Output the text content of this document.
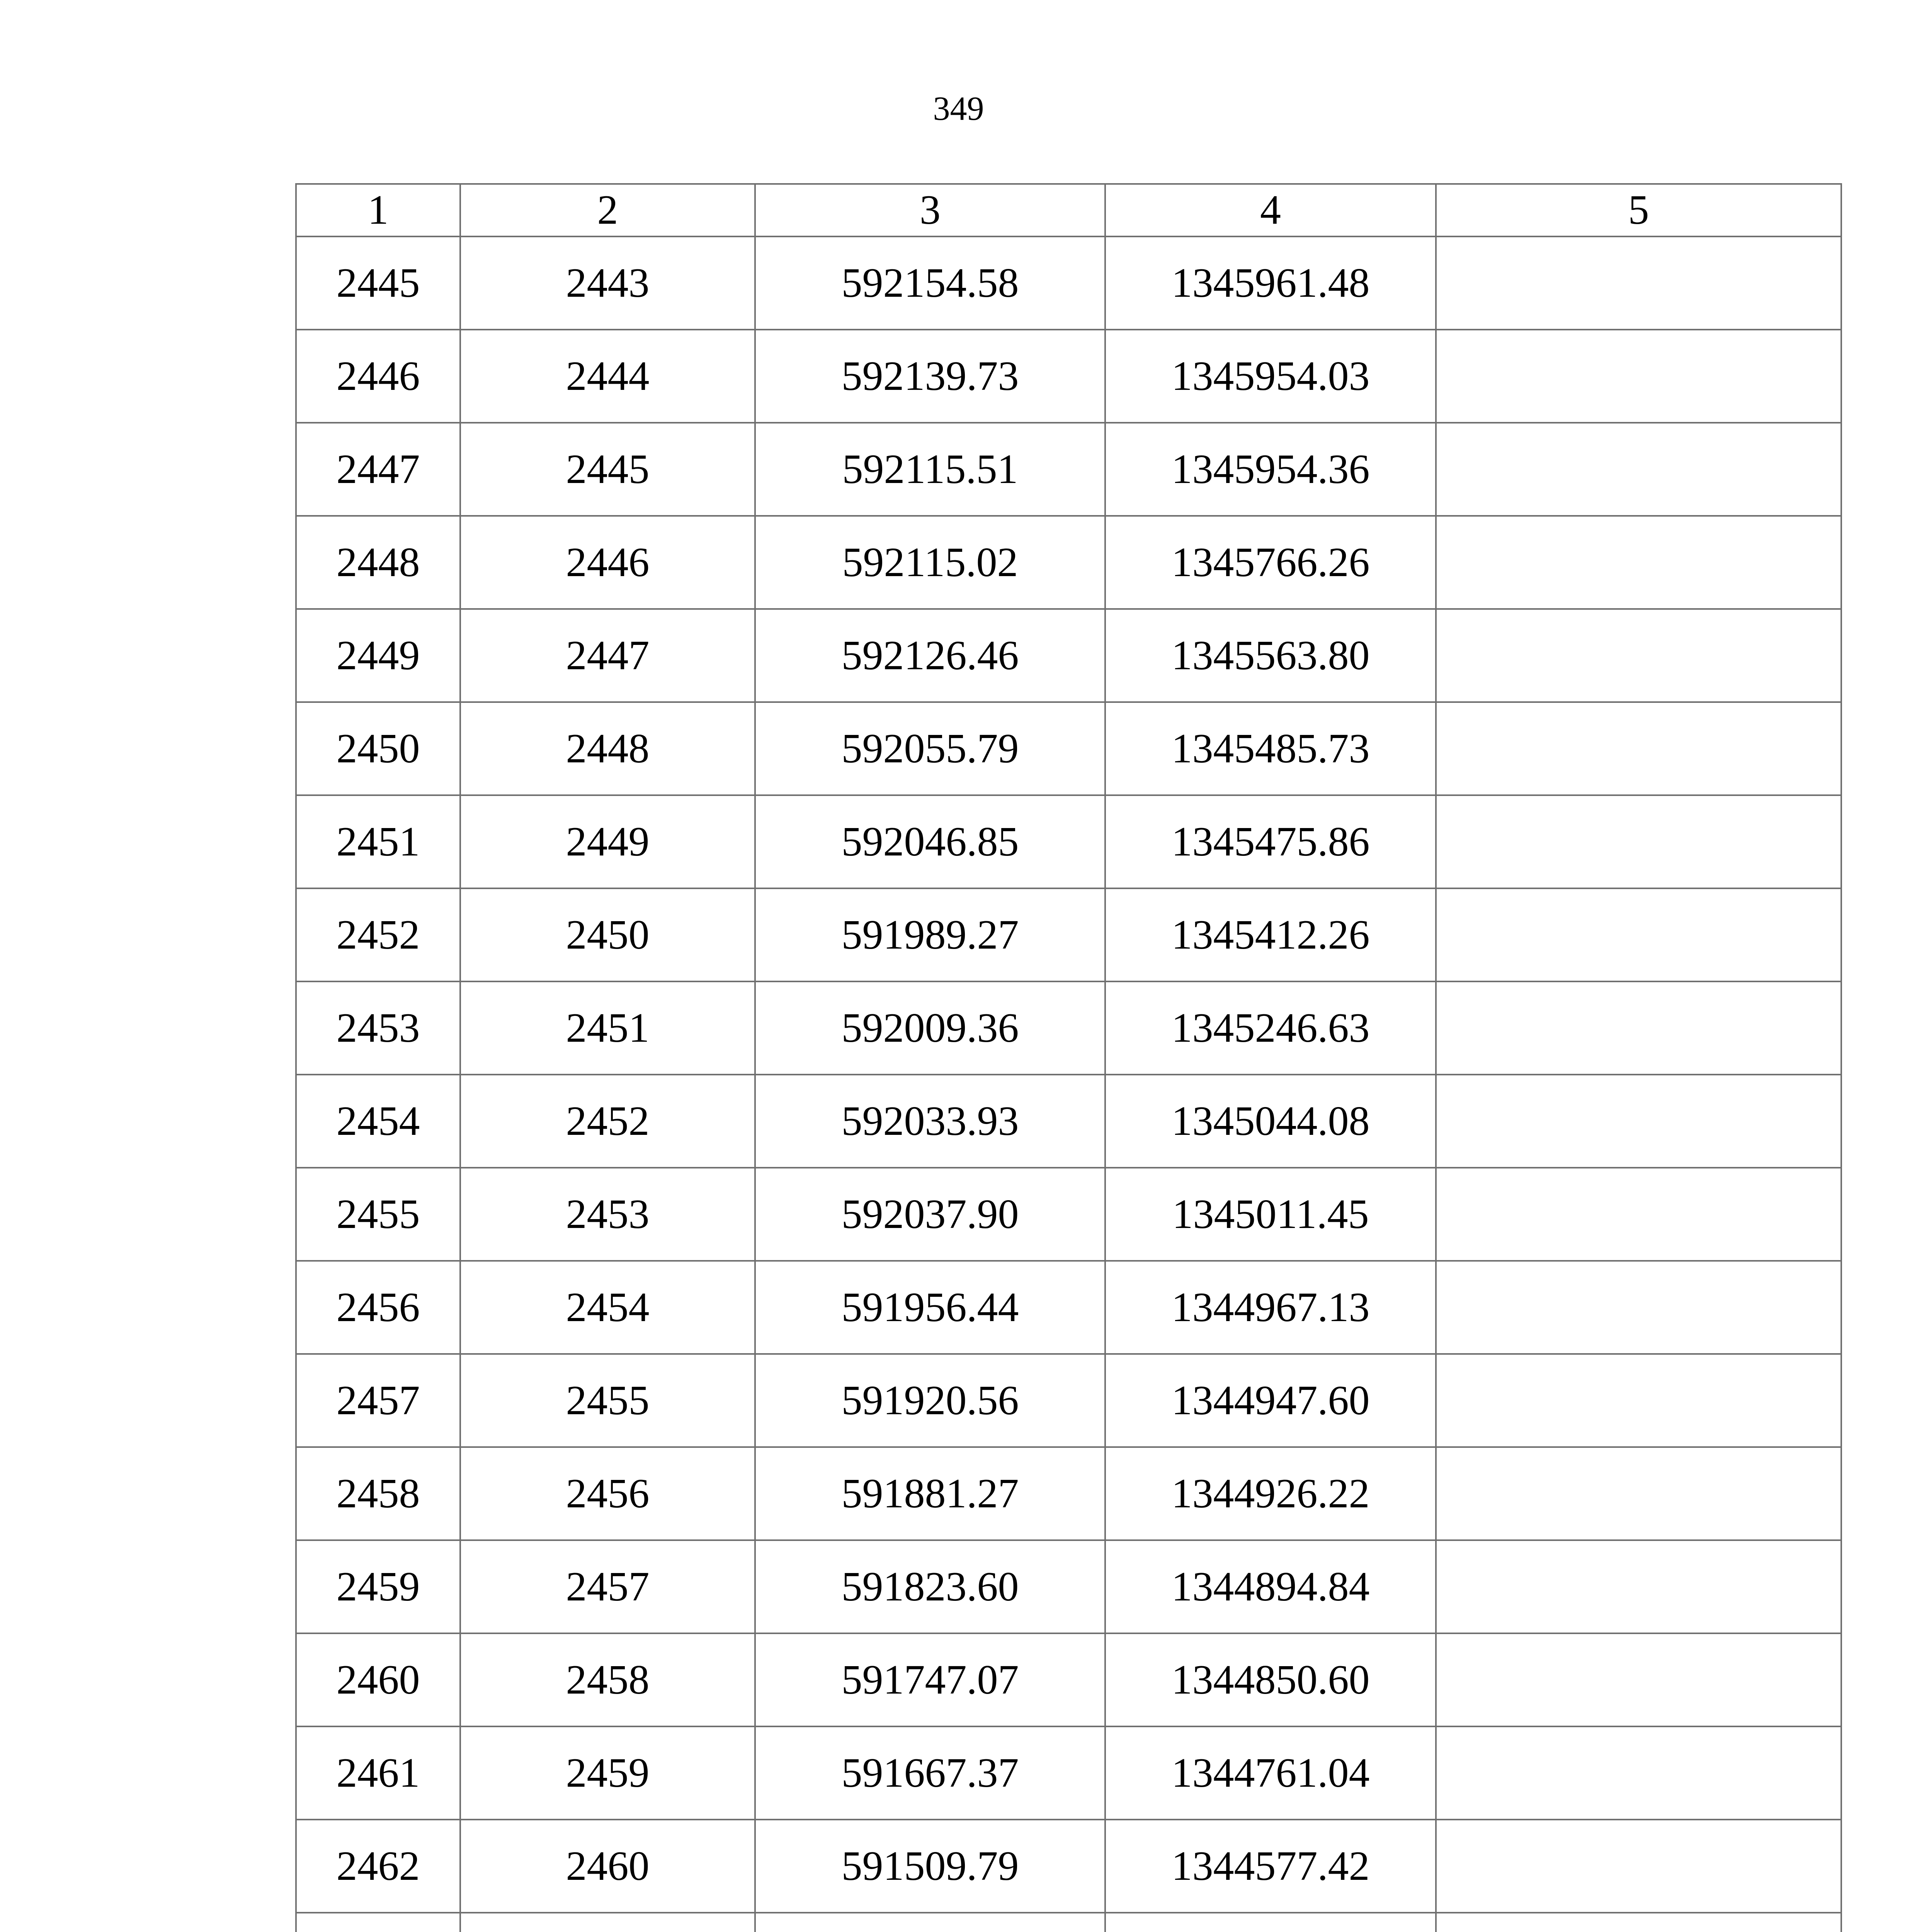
349
1	2	3	4	5
2445	2443	592154.58	1345961.48	
2446	2444	592139.73	1345954.03	
2447	2445	592115.51	1345954.36	
2448	2446	592115.02	1345766.26	
2449	2447	592126.46	1345563.80	
2450	2448	592055.79	1345485.73	
2451	2449	592046.85	1345475.86	
2452	2450	591989.27	1345412.26	
2453	2451	592009.36	1345246.63	
2454	2452	592033.93	1345044.08	
2455	2453	592037.90	1345011.45	
2456	2454	591956.44	1344967.13	
2457	2455	591920.56	1344947.60	
2458	2456	591881.27	1344926.22	
2459	2457	591823.60	1344894.84	
2460	2458	591747.07	1344850.60	
2461	2459	591667.37	1344761.04	
2462	2460	591509.79	1344577.42	
